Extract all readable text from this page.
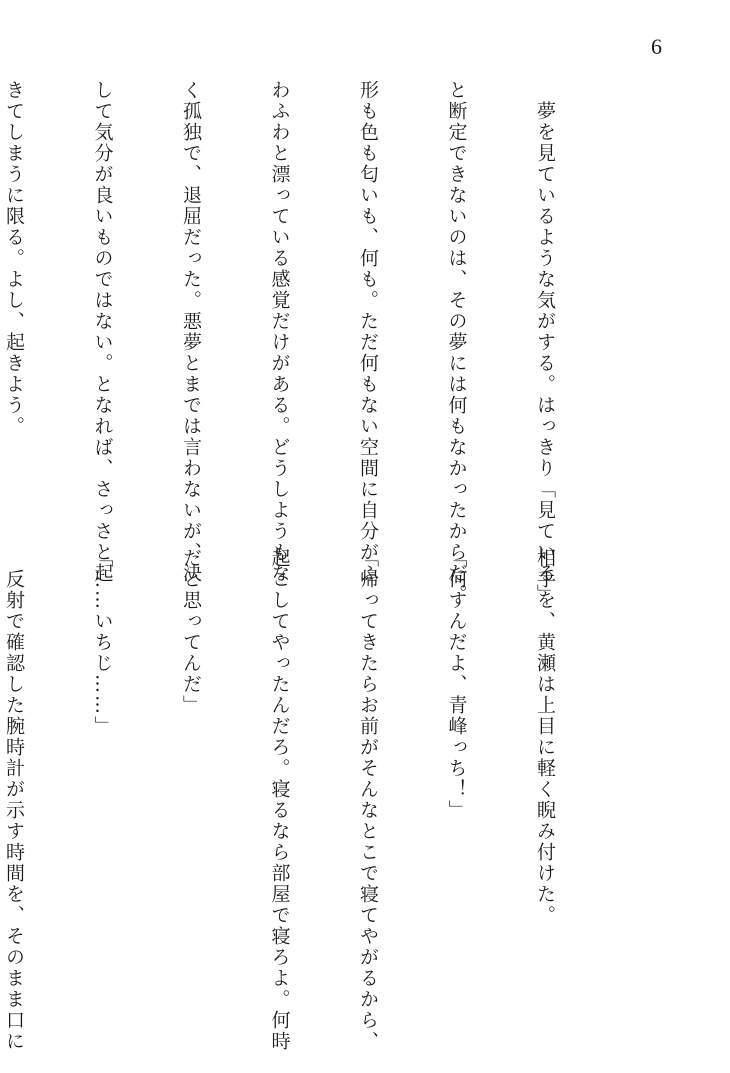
6

　夢を見ているような気がする。はっきり「見ている」

と断定できないのは、その夢には何もなかったからだ。

形も色も匂いも、何も。ただ何もない空間に自分がふ

わふわと漂っている感覚だけがある。どうしようもな

く孤独で、退屈だった。悪夢とまでは言わないが、決

して気分が良いものではない。となれば、さっさと起

きてしまうに限る。よし、起きよう。

相手を、黄瀬は上目に軽く睨み付けた。

「何すんだよ、青峰っち！」

「帰ってきたらお前がそんなとこで寝てやがるから、

起こしてやったんだろ。寝るなら部屋で寝ろよ。何時

だと思ってんだ」

「……いちじ……」

　反射で確認した腕時計が示す時間を、そのまま口に
